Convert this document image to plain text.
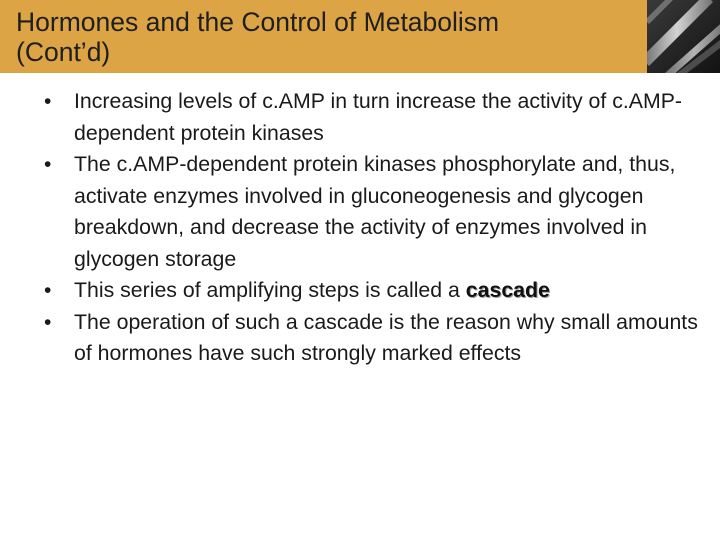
Hormones and the Control of Metabolism
(Cont’d)
• Increasing levels of c.AMP in turn increase the activity of c.AMP-dependent protein kinases
• The c.AMP-dependent protein kinases phosphorylate and, thus, activate enzymes involved in gluconeogenesis and glycogen breakdown, and decrease the activity of enzymes involved in glycogen storage
• This series of amplifying steps is called a cascade
• The operation of such a cascade is the reason why small amounts of hormones have such strongly marked effects
